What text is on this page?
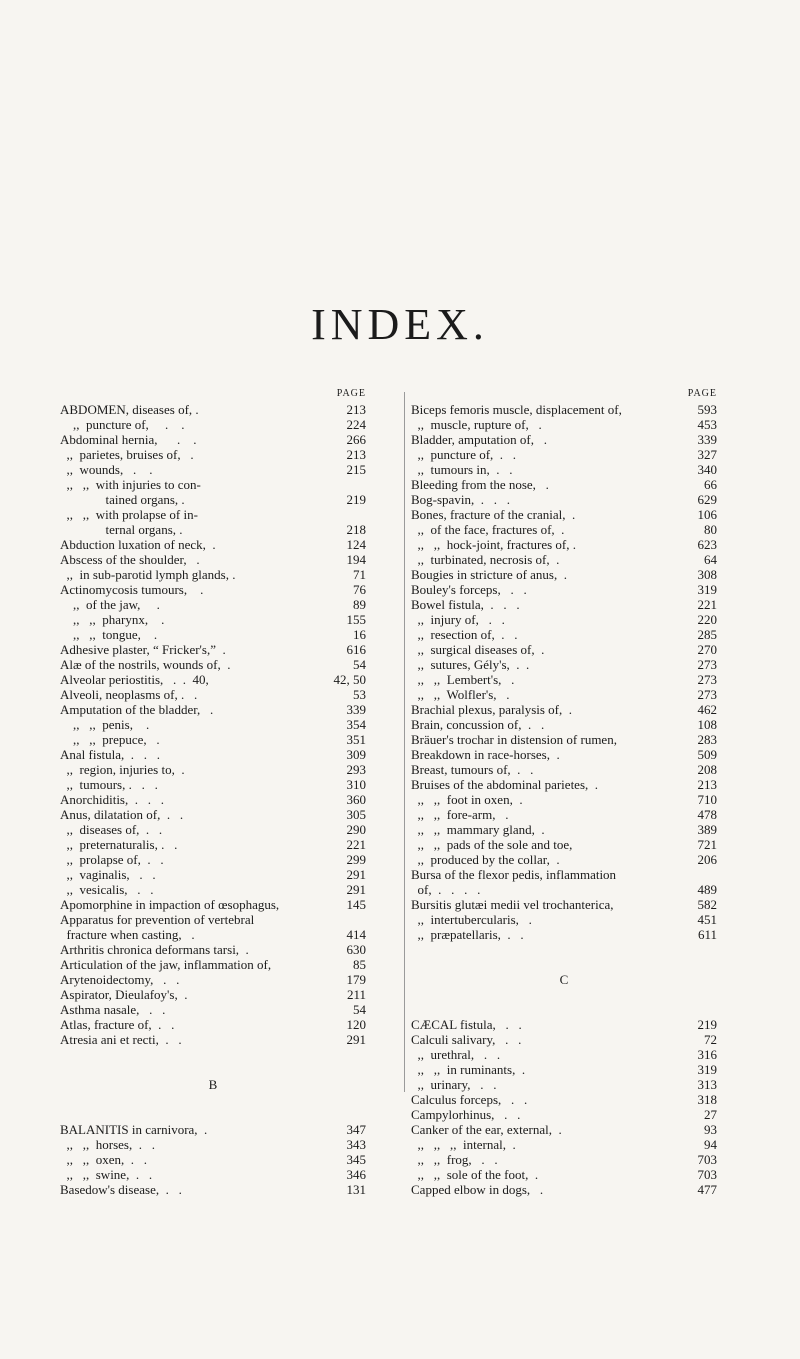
INDEX.
PAGE
ABDOMEN, diseases of, .	213
,,  puncture of,     .    .	224
Abdominal hernia,      .    .	266
,,  parietes, bruises of,   .	213
,,  wounds,   .    .	215
,,   ,,  with injuries to con-
tained organs, .	219
,,   ,,  with prolapse of in-
ternal organs, .	218
Abduction luxation of neck,  .	124
Abscess of the shoulder,   .	194
,,  in sub-parotid lymph glands, .	71
Actinomycosis tumours,    .	76
,,  of the jaw,     .	89
,,   ,,  pharynx,    .	155
,,   ,,  tongue,    .	16
Adhesive plaster, “ Fricker's,”  .	616
Alæ of the nostrils, wounds of,  .	54
Alveolar periostitis,   .  .  40,	42, 50
Alveoli, neoplasms of, .   .	53
Amputation of the bladder,   .	339
,,   ,,  penis,    .	354
,,   ,,  prepuce,   .	351
Anal fistula,  .   .   .	309
,,  region, injuries to,  .	293
,,  tumours, .   .   .	310
Anorchiditis,  .   .   .	360
Anus, dilatation of,  .   .	305
,,  diseases of,  .   .	290
,,  preternaturalis, .   .	221
,,  prolapse of,  .   .	299
,,  vaginalis,   .   .	291
,,  vesicalis,   .   .	291
Apomorphine in impaction of œsophagus,	145
Apparatus for prevention of vertebral
fracture when casting,   .	414
Arthritis chronica deformans tarsi,  .	630
Articulation of the jaw, inflammation of,	85
Arytenoidectomy,   .   .	179
Aspirator, Dieulafoy's,  .	211
Asthma nasale,   .   .	54
Atlas, fracture of,  .   .	120
Atresia ani et recti,  .   .	291
B
BALANITIS in carnivora,  .	347
,,   ,,  horses,  .   .	343
,,   ,,  oxen,  .   .	345
,,   ,,  swine,  .   .	346
Basedow's disease,  .   .	131
PAGE
Biceps femoris muscle, displacement of,	593
,,  muscle, rupture of,   .	453
Bladder, amputation of,   .	339
,,  puncture of,  .   .	327
,,  tumours in,  .   .	340
Bleeding from the nose,   .	66
Bog-spavin,  .   .   .	629
Bones, fracture of the cranial,  .	106
,,  of the face, fractures of,  .	80
,,   ,,  hock-joint, fractures of, .	623
,,  turbinated, necrosis of,  .	64
Bougies in stricture of anus,  .	308
Bouley's forceps,   .   .	319
Bowel fistula,  .   .   .	221
,,  injury of,   .   .	220
,,  resection of,  .   .	285
,,  surgical diseases of,  .	270
,,  sutures, Gély's,  .  .	273
,,   ,,  Lembert's,   .	273
,,   ,,  Wolfler's,   .	273
Brachial plexus, paralysis of,  .	462
Brain, concussion of,  .   .	108
Bräuer's trochar in distension of rumen,	283
Breakdown in race-horses,  .	509
Breast, tumours of,  .   .	208
Bruises of the abdominal parietes,  .	213
,,   ,,  foot in oxen,  .	710
,,   ,,  fore-arm,   .	478
,,   ,,  mammary gland,  .	389
,,   ,,  pads of the sole and toe,	721
,,  produced by the collar,  .	206
Bursa of the flexor pedis, inflammation
of,  .   .   .   .	489
Bursitis glutæi medii vel trochanterica,	582
,,  intertubercularis,   .	451
,,  præpatellaris,  .   .	611
C
CÆCAL fistula,   .   .	219
Calculi salivary,   .   .	72
,,  urethral,   .   .	316
,,   ,,  in ruminants,  .	319
,,  urinary,   .   .	313
Calculus forceps,   .   .	318
Campylorhinus,   .   .	27
Canker of the ear, external,  .	93
,,   ,,   ,,  internal,  .	94
,,   ,,  frog,   .   .	703
,,   ,,  sole of the foot,  .	703
Capped elbow in dogs,   .	477
